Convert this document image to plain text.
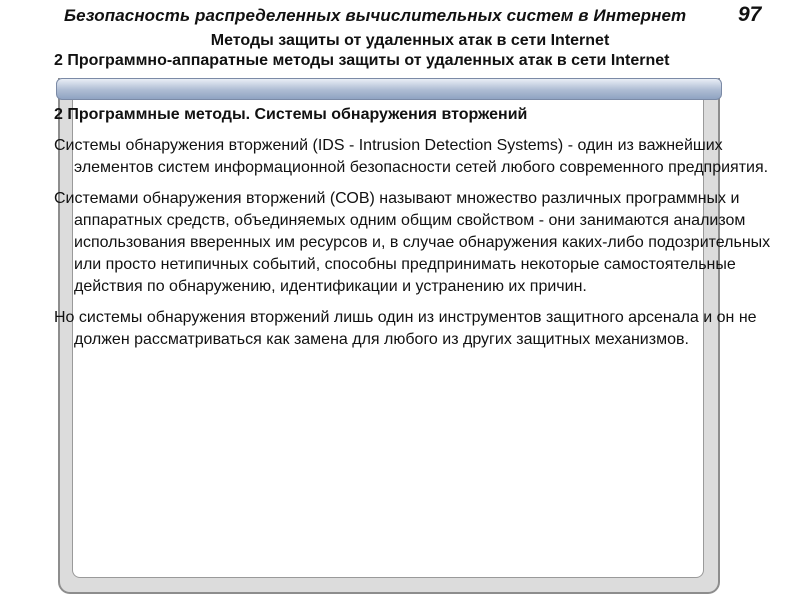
Безопасность распределенных вычислительных систем в Интернет	97
Методы защиты от удаленных атак в сети Internet
2 Программно-аппаратные методы защиты от удаленных атак в сети Internet
2 Программные методы. Системы обнаружения вторжений

Системы обнаружения вторжений (IDS - Intrusion Detection Systems) - один из важнейших элементов систем информационной безопасности сетей любого современного предприятия.

Системами обнаружения вторжений (СОВ) называют множество различных программных и аппаратных средств, объединяемых одним общим свойством - они занимаются анализом использования вверенных им ресурсов и, в случае обнаружения каких-либо подозрительных или просто нетипичных событий, способны предпринимать некоторые самостоятельные действия по обнаружению, идентификации и устранению их причин.

Но системы обнаружения вторжений лишь один из инструментов защитного арсенала и он не должен рассматриваться как замена для любого из других защитных механизмов.
